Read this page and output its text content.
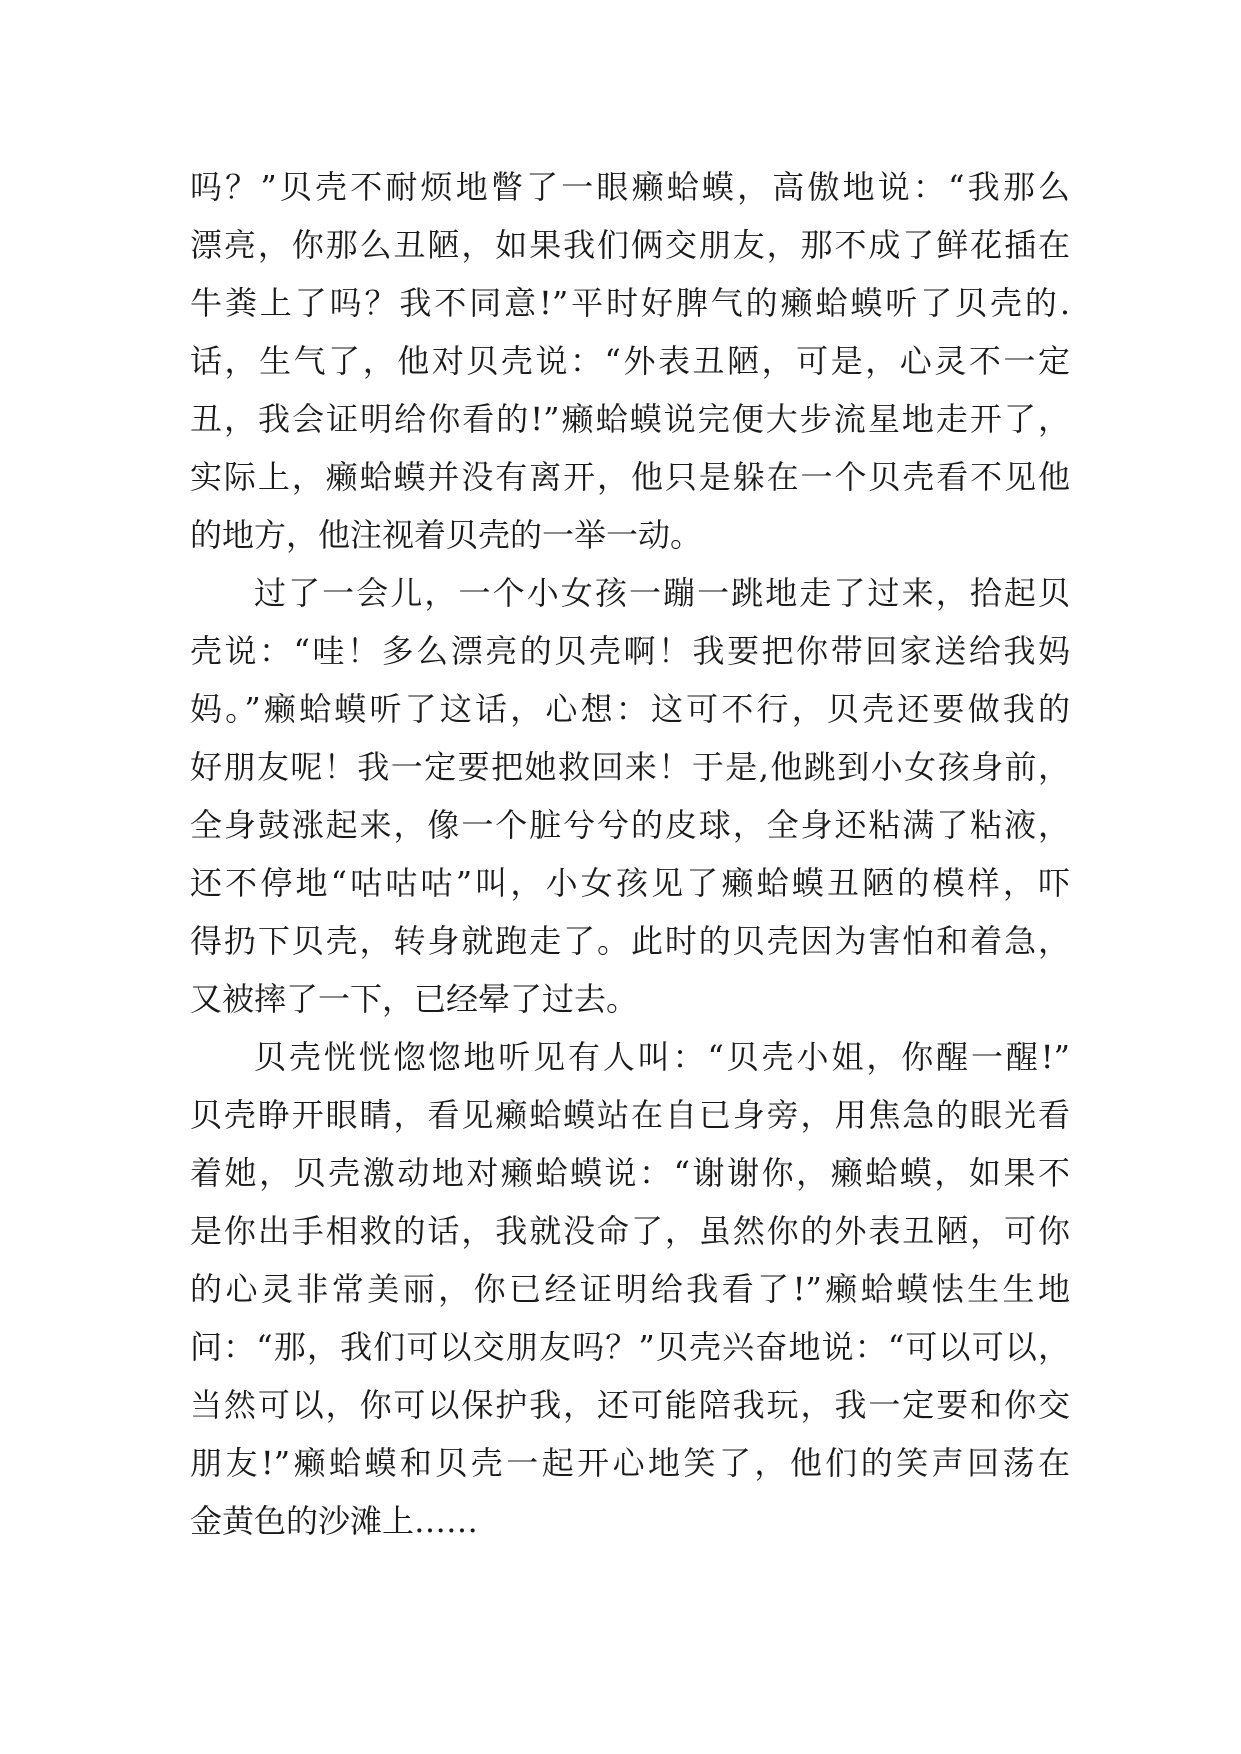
吗？”贝壳不耐烦地瞥了一眼癞蛤蟆，高傲地说：“我那么
漂亮，你那么丑陋，如果我们俩交朋友，那不成了鲜花插在
牛粪上了吗？我不同意!”平时好脾气的癞蛤蟆听了贝壳的.
话，生气了，他对贝壳说：“外表丑陋，可是，心灵不一定
丑，我会证明给你看的!”癞蛤蟆说完便大步流星地走开了，
实际上，癞蛤蟆并没有离开，他只是躲在一个贝壳看不见他
的地方，他注视着贝壳的一举一动。
过了一会儿，一个小女孩一蹦一跳地走了过来，拾起贝
壳说：“哇！多么漂亮的贝壳啊！我要把你带回家送给我妈
妈。”癞蛤蟆听了这话，心想：这可不行，贝壳还要做我的
好朋友呢！我一定要把她救回来！于是,他跳到小女孩身前，
全身鼓涨起来，像一个脏兮兮的皮球，全身还粘满了粘液，
还不停地“咕咕咕”叫，小女孩见了癞蛤蟆丑陋的模样，吓
得扔下贝壳，转身就跑走了。此时的贝壳因为害怕和着急，
又被摔了一下，已经晕了过去。
贝壳恍恍惚惚地听见有人叫：“贝壳小姐，你醒一醒!”
贝壳睁开眼睛，看见癞蛤蟆站在自已身旁，用焦急的眼光看
着她，贝壳激动地对癞蛤蟆说：“谢谢你，癞蛤蟆，如果不
是你出手相救的话，我就没命了，虽然你的外表丑陋，可你
的心灵非常美丽，你已经证明给我看了!”癞蛤蟆怯生生地
问：“那，我们可以交朋友吗？”贝壳兴奋地说：“可以可以，
当然可以，你可以保护我，还可能陪我玩，我一定要和你交
朋友!”癞蛤蟆和贝壳一起开心地笑了，他们的笑声回荡在
金黄色的沙滩上……
